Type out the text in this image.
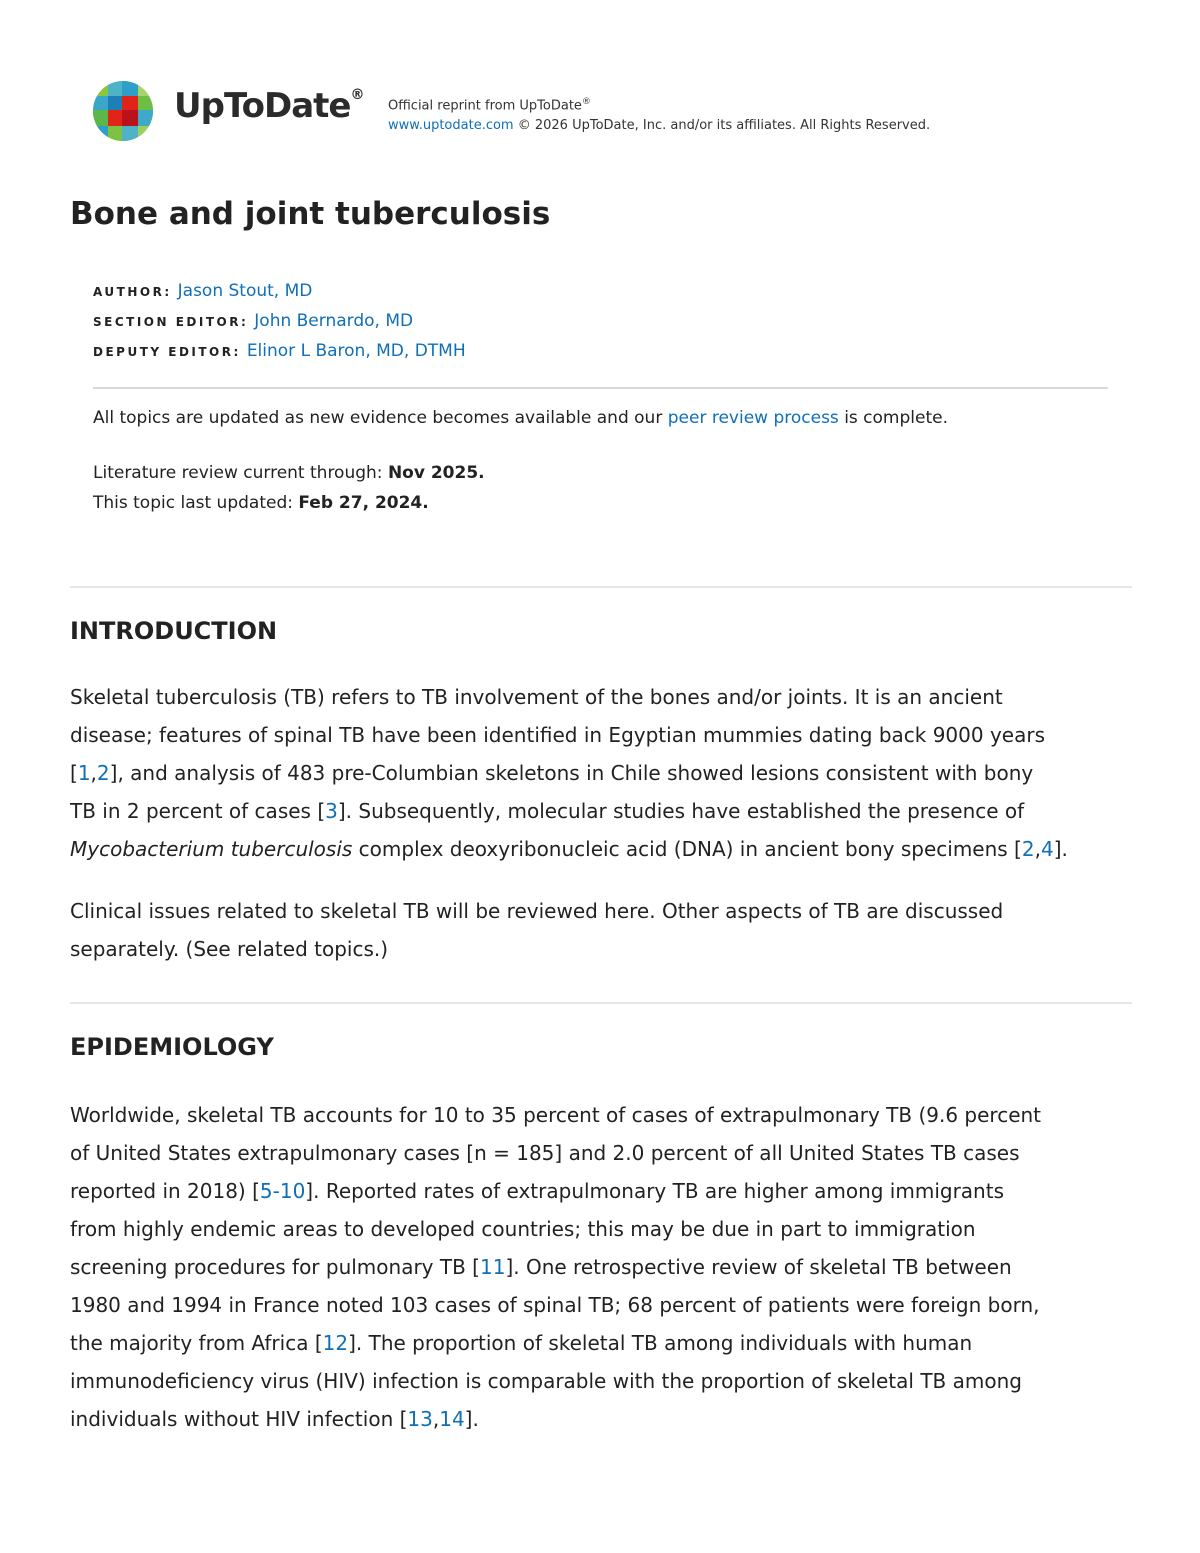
UpToDate®
Official reprint from UpToDate®
www.uptodate.com © 2026 UpToDate, Inc. and/or its affiliates. All Rights Reserved.
Bone and joint tuberculosis
AUTHOR: Jason Stout, MD
SECTION EDITOR: John Bernardo, MD
DEPUTY EDITOR: Elinor L Baron, MD, DTMH
All topics are updated as new evidence becomes available and our peer review process is complete.
Literature review current through: Nov 2025.
This topic last updated: Feb 27, 2024.
INTRODUCTION

Skeletal tuberculosis (TB) refers to TB involvement of the bones and/or joints. It is an ancient
disease; features of spinal TB have been identified in Egyptian mummies dating back 9000 years
[1,2], and analysis of 483 pre-Columbian skeletons in Chile showed lesions consistent with bony
TB in 2 percent of cases [3]. Subsequently, molecular studies have established the presence of
Mycobacterium tuberculosis complex deoxyribonucleic acid (DNA) in ancient bony specimens [2,4].

Clinical issues related to skeletal TB will be reviewed here. Other aspects of TB are discussed
separately. (See related topics.)

EPIDEMIOLOGY

Worldwide, skeletal TB accounts for 10 to 35 percent of cases of extrapulmonary TB (9.6 percent
of United States extrapulmonary cases [n = 185] and 2.0 percent of all United States TB cases
reported in 2018) [5-10]. Reported rates of extrapulmonary TB are higher among immigrants
from highly endemic areas to developed countries; this may be due in part to immigration
screening procedures for pulmonary TB [11]. One retrospective review of skeletal TB between
1980 and 1994 in France noted 103 cases of spinal TB; 68 percent of patients were foreign born,
the majority from Africa [12]. The proportion of skeletal TB among individuals with human
immunodeficiency virus (HIV) infection is comparable with the proportion of skeletal TB among
individuals without HIV infection [13,14].
